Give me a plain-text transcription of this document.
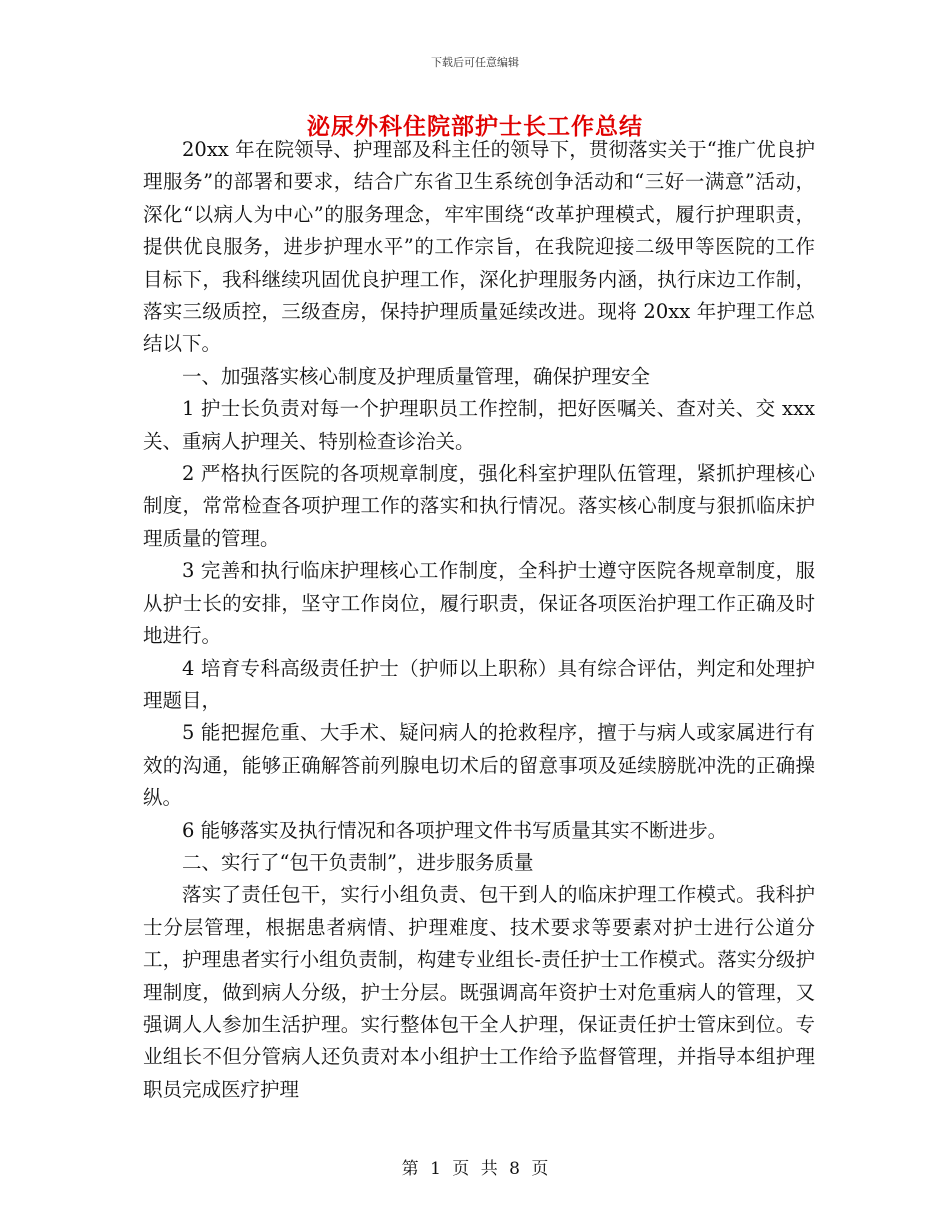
下载后可任意编辑
泌尿外科住院部护士长工作总结

20xx 年在院领导、护理部及科主任的领导下，贯彻落实关于“推广优良护理服务”的部署和要求，结合广东省卫生系统创争活动和“三好一满意”活动，深化“以病人为中心”的服务理念，牢牢围绕“改革护理模式，履行护理职责，提供优良服务，进步护理水平”的工作宗旨，在我院迎接二级甲等医院的工作目标下，我科继续巩固优良护理工作，深化护理服务内涵，执行床边工作制，落实三级质控，三级查房，保持护理质量延续改进。现将 20xx 年护理工作总结以下。

一、加强落实核心制度及护理质量管理，确保护理安全

1 护士长负责对每一个护理职员工作控制，把好医嘱关、查对关、交 xxx 关、重病人护理关、特别检查诊治关。

2 严格执行医院的各项规章制度，强化科室护理队伍管理，紧抓护理核心制度，常常检查各项护理工作的落实和执行情况。落实核心制度与狠抓临床护理质量的管理。

3 完善和执行临床护理核心工作制度，全科护士遵守医院各规章制度，服从护士长的安排，坚守工作岗位，履行职责，保证各项医治护理工作正确及时地进行。

4 培育专科高级责任护士（护师以上职称）具有综合评估，判定和处理护理题目，

5 能把握危重、大手术、疑问病人的抢救程序，擅于与病人或家属进行有效的沟通，能够正确解答前列腺电切术后的留意事项及延续膀胱冲洗的正确操纵。

6 能够落实及执行情况和各项护理文件书写质量其实不断进步。

二、实行了“包干负责制”，进步服务质量

落实了责任包干，实行小组负责、包干到人的临床护理工作模式。我科护士分层管理，根据患者病情、护理难度、技术要求等要素对护士进行公道分工，护理患者实行小组负责制，构建专业组长-责任护士工作模式。落实分级护理制度，做到病人分级，护士分层。既强调高年资护士对危重病人的管理，又强调人人参加生活护理。实行整体包干全人护理，保证责任护士管床到位。专业组长不但分管病人还负责对本小组护士工作给予监督管理，并指导本组护理职员完成医疗护理

第 1 页 共 8 页
